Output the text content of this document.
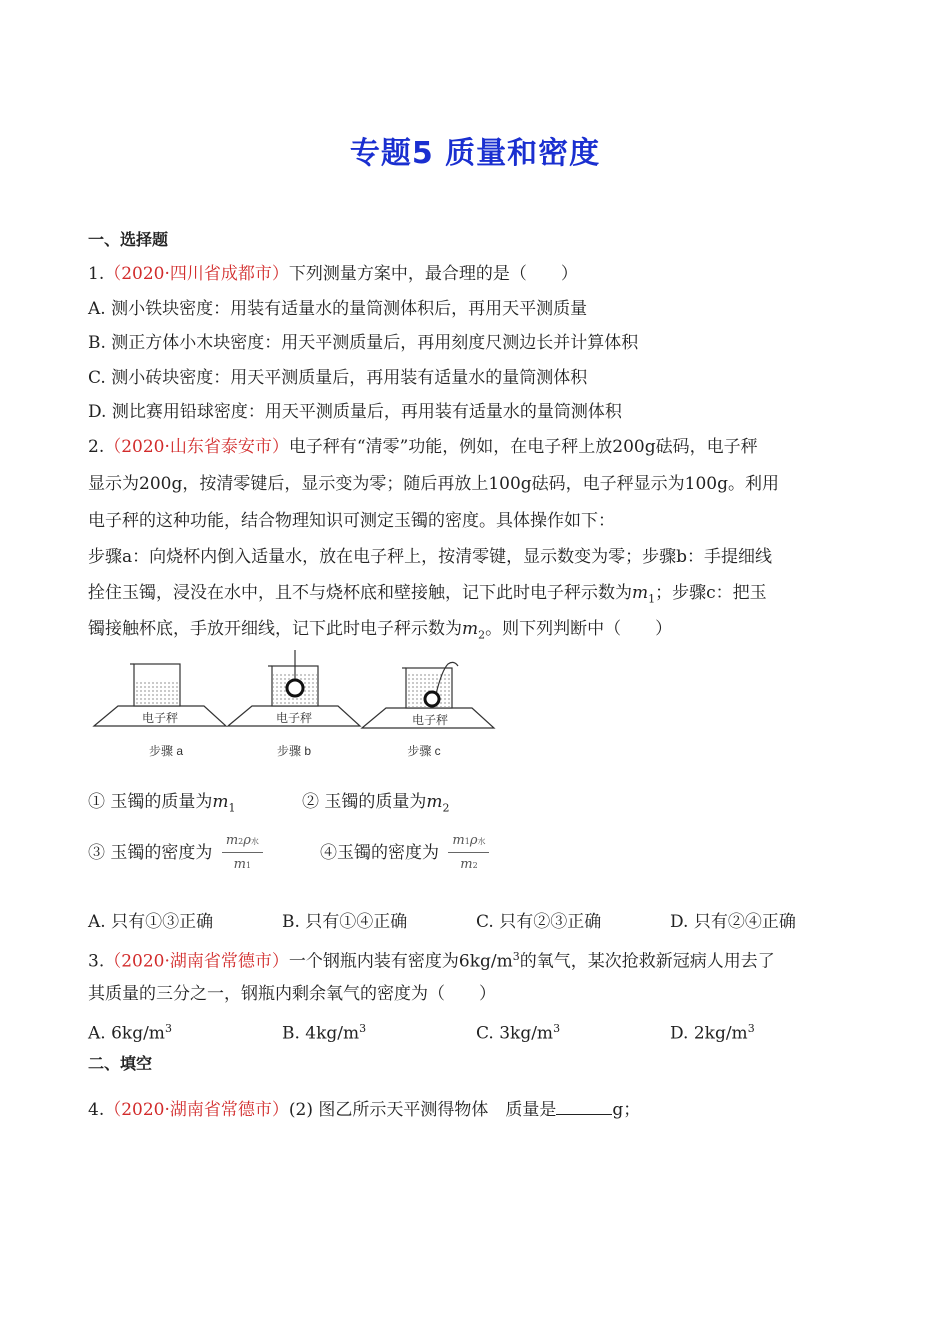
专题5 质量和密度
一、选择题
1.（2020·四川省成都市）下列测量方案中，最合理的是（　　）
A. 测小铁块密度：用装有适量水的量筒测体积后，再用天平测质量
B. 测正方体小木块密度：用天平测质量后，再用刻度尺测边长并计算体积
C. 测小砖块密度：用天平测质量后，再用装有适量水的量筒测体积
D. 测比赛用铅球密度：用天平测质量后，再用装有适量水的量筒测体积
2.（2020·山东省泰安市）电子秤有“清零”功能，例如，在电子秤上放200g砝码，电子秤
显示为200g，按清零键后，显示变为零；随后再放上100g砝码，电子秤显示为100g。利用
电子秤的这种功能，结合物理知识可测定玉镯的密度。具体操作如下：
步骤a：向烧杯内倒入适量水，放在电子秤上，按清零键，显示数变为零；步骤b：手提细线
拴住玉镯，浸没在水中，且不与烧杯底和壁接触，记下此时电子秤示数为$m_1$；步骤c：把玉
镯接触杯底，手放开细线，记下此时电子秤示数为$m_2$。则下列判断中（　　）
电子秤
步骤 a
电子秤
步骤 b
电子秤
步骤 c
① 玉镯的质量为$m_1$	② 玉镯的质量为$m_2$
③ 玉镯的密度为 $\frac{\text{m2ρ水}}{m1}$	④玉镯的密度为 $\frac{\text{m1ρ水}}{m2}$
A. 只有①③正确	B. 只有①④正确	C. 只有②③正确	D. 只有②④正确
3.（2020·湖南省常德市）一个钢瓶内装有密度为$6kg/m^3$的氧气，某次抢救新冠病人用去了
其质量的三分之一，钢瓶内剩余氧气的密度为（　　）
A. $6kg/m^3$	B. $4kg/m^3$	C. $3kg/m^3$	D. $2kg/m^3$
二、填空
4.（2020·湖南省常德市）(2) 图乙所示天平测得物体　质量是	g；
